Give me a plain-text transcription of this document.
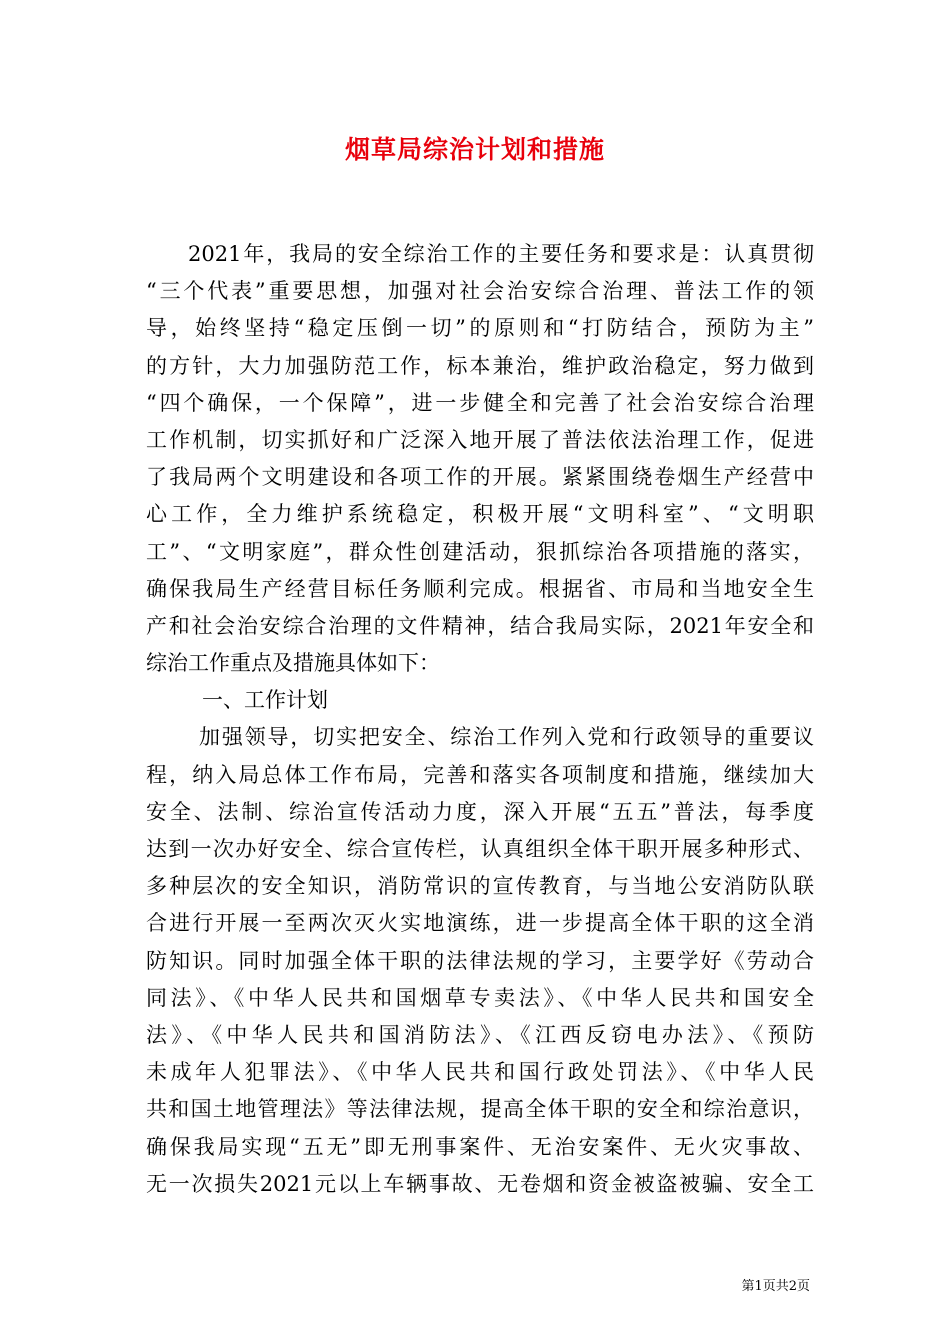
烟草局综治计划和措施
2021年，我局的安全综治工作的主要任务和要求是：认真贯彻
“三个代表”重要思想，加强对社会治安综合治理、普法工作的领
导，始终坚持“稳定压倒一切”的原则和“打防结合，预防为主”
的方针，大力加强防范工作，标本兼治，维护政治稳定，努力做到
“四个确保，一个保障”，进一步健全和完善了社会治安综合治理
工作机制，切实抓好和广泛深入地开展了普法依法治理工作，促进
了我局两个文明建设和各项工作的开展。紧紧围绕卷烟生产经营中
心工作，全力维护系统稳定，积极开展“文明科室”、“文明职
工”、“文明家庭”，群众性创建活动，狠抓综治各项措施的落实，
确保我局生产经营目标任务顺利完成。根据省、市局和当地安全生
产和社会治安综合治理的文件精神，结合我局实际，2021年安全和
综治工作重点及措施具体如下：
一、工作计划
加强领导，切实把安全、综治工作列入党和行政领导的重要议
程，纳入局总体工作布局，完善和落实各项制度和措施，继续加大
安全、法制、综治宣传活动力度，深入开展“五五”普法，每季度
达到一次办好安全、综合宣传栏，认真组织全体干职开展多种形式、
多种层次的安全知识，消防常识的宣传教育，与当地公安消防队联
合进行开展一至两次灭火实地演练，进一步提高全体干职的这全消
防知识。同时加强全体干职的法律法规的学习，主要学好《劳动合
同法》、《中华人民共和国烟草专卖法》、《中华人民共和国安全
法》、《中华人民共和国消防法》、《江西反窃电办法》、《预防
未成年人犯罪法》、《中华人民共和国行政处罚法》、《中华人民
共和国土地管理法》等法律法规，提高全体干职的安全和综治意识，
确保我局实现“五无”即无刑事案件、无治安案件、无火灾事故、
无一次损失2021元以上车辆事故、无卷烟和资金被盗被骗、安全工
第1页共2页
